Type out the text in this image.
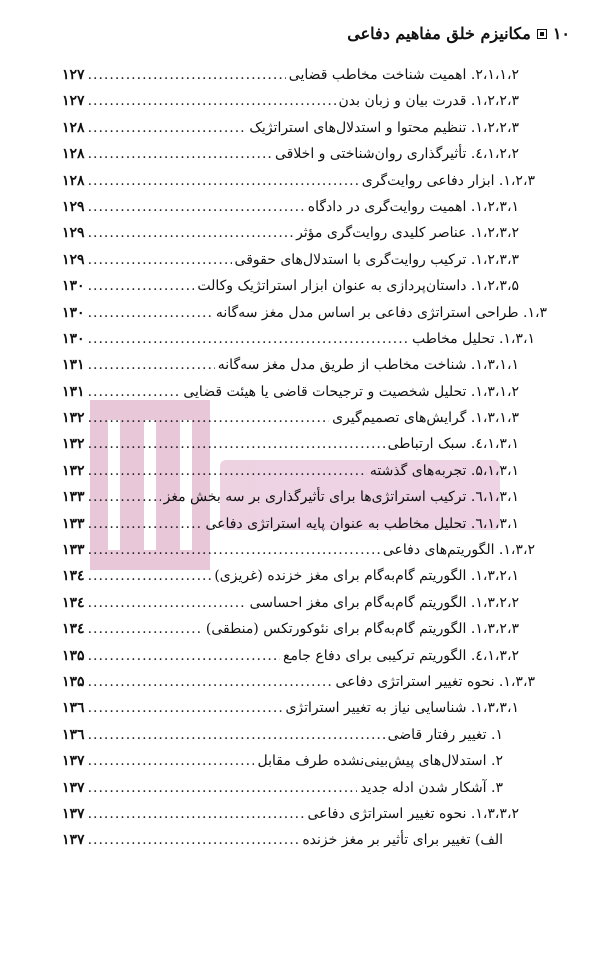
۱۰
مکانیزم خلق مفاهیم دفاعی
۲،۱،۱،۲. اهمیت شناخت مخاطب قضایی
.....
۱۲۷
۱،۲،۲،۳. قدرت بیان و زبان بدن
.....
۱۲۷
۱،۲،۲،۳. تنظیم محتوا و استدلال‌های استراتژیک
.....
۱۲۸
۱،۲،۲،٤. تأثیرگذاری روان‌شناختی و اخلاقی
.....
۱۲۸
۱،۲،۳. ابزار دفاعی روایت‌گری
.....
۱۲۸
۱،۲،۳،۱. اهمیت روایت‌گری در دادگاه
.....
۱۲۹
۱،۲،۳،۲. عناصر کلیدی روایت‌گری مؤثر
.....
۱۲۹
۱،۲،۳،۳. ترکیب روایت‌گری با استدلال‌های حقوقی
.....
۱۲۹
۱،۲،۳،۵. داستان‌پردازی به عنوان ابزار استراتژیک وکالت
.....
۱۳۰
۱،۳. طراحی استراتژی دفاعی بر اساس مدل مغز سه‌گانه
.....
۱۳۰
۱،۳،۱. تحلیل مخاطب
.....
۱۳۰
۱،۳،۱،۱. شناخت مخاطب از طریق مدل مغز سه‌گانه
.....
۱۳۱
۱،۳،۱،۲. تحلیل شخصیت و ترجیحات قاضی یا هیئت قضایی
.....
۱۳۱
۱،۳،۱،۳. گرایش‌های تصمیم‌گیری
.....
۱۳۲
۱،۳،۱،٤. سبک ارتباطی
.....
۱۳۲
۵،۱،۳،۱. تجربه‌های گذشته
.....
۱۳۲
۱،۳،۱،٦. ترکیب استراتژی‌ها برای تأثیرگذاری بر سه بخش مغز
.....
۱۳۳
۱،۳،۱،٦. تحلیل مخاطب به عنوان پایه استراتژی دفاعی
.....
۱۳۳
۱،۳،۲. الگوریتم‌های دفاعی
.....
۱۳۳
۱،۳،۲،۱. الگوریتم گام‌به‌گام برای مغز خزنده (غریزی)
.....
۱۳٤
۱،۳،۲،۲. الگوریتم گام‌به‌گام برای مغز احساسی
.....
۱۳٤
۱،۳،۲،۳. الگوریتم گام‌به‌گام برای نئوکورتکس (منطقی)
.....
۱۳٤
۱،۳،۲،٤. الگوریتم ترکیبی برای دفاع جامع
.....
۱۳۵
۱،۳،۳. نحوه تغییر استراتژی دفاعی
.....
۱۳۵
۱،۳،۳،۱. شناسایی نیاز به تغییر استراتژی
.....
۱۳٦
۱. تغییر رفتار قاضی
.....
۱۳٦
۲. استدلال‌های پیش‌بینی‌نشده طرف مقابل
.....
۱۳۷
۳. آشکار شدن ادله جدید
.....
۱۳۷
۱،۳،۳،۲. نحوه تغییر استراتژی دفاعی
.....
۱۳۷
الف) تغییر برای تأثیر بر مغز خزنده
.....
۱۳۷
